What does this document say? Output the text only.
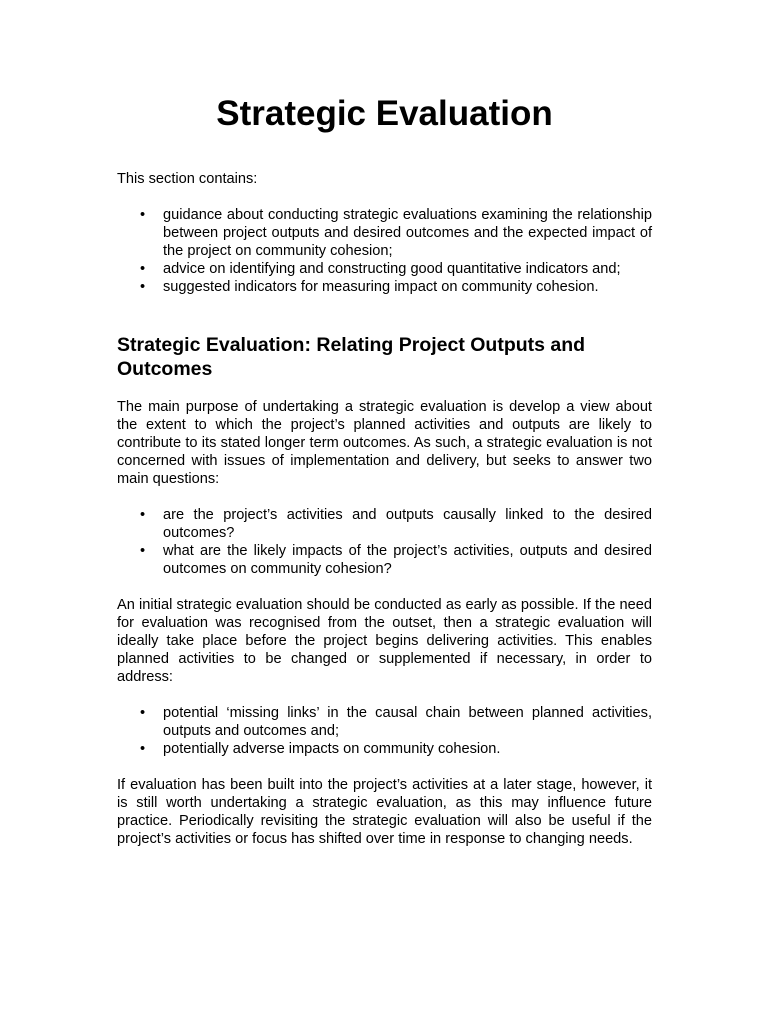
Strategic Evaluation

This section contains:

• guidance about conducting strategic evaluations examining the relationship between project outputs and desired outcomes and the expected impact of the project on community cohesion;
• advice on identifying and constructing good quantitative indicators and;
• suggested indicators for measuring impact on community cohesion.
Strategic Evaluation: Relating Project Outputs and Outcomes

The main purpose of undertaking a strategic evaluation is develop a view about the extent to which the project’s planned activities and outputs are likely to contribute to its stated longer term outcomes. As such, a strategic evaluation is not concerned with issues of implementation and delivery, but seeks to answer two main questions:

• are the project’s activities and outputs causally linked to the desired outcomes?
• what are the likely impacts of the project’s activities, outputs and desired outcomes on community cohesion?

An initial strategic evaluation should be conducted as early as possible. If the need for evaluation was recognised from the outset, then a strategic evaluation will ideally take place before the project begins delivering activities. This enables planned activities to be changed or supplemented if necessary, in order to address:

• potential ‘missing links’ in the causal chain between planned activities, outputs and outcomes and;
• potentially adverse impacts on community cohesion.

If evaluation has been built into the project’s activities at a later stage, however, it is still worth undertaking a strategic evaluation, as this may influence future practice. Periodically revisiting the strategic evaluation will also be useful if the project’s activities or focus has shifted over time in response to changing needs.
